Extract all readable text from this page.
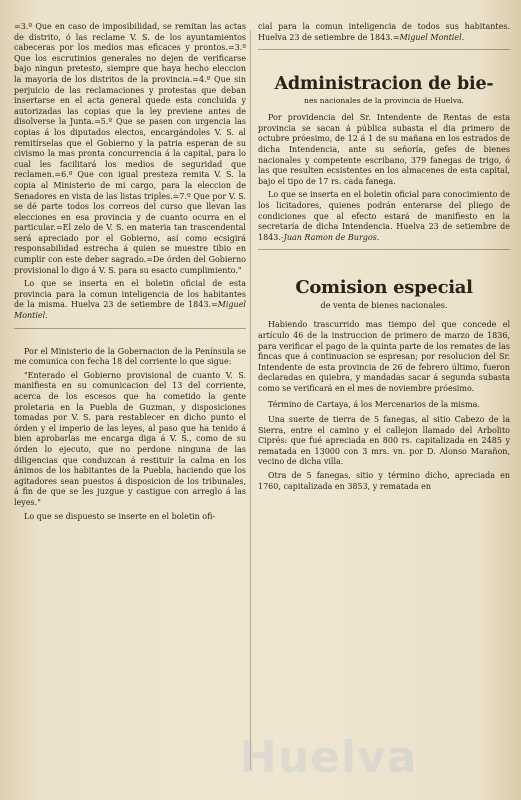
=3.º Que en caso de imposibilidad, se remitan las actas de distrito, ó las reclame V. S. de los ayuntamientos cabeceras por los medios mas eficaces y prontos.=3.º Que los escrutinios generales no dejen de verificarse bajo ningun pretesto, siempre que haya hecho eleccion la mayoría de los distritos de la provincia.=4.º Que sin perjuicio de las reclamaciones y protestas que deban insertarse en el acta general quede esta concluida y autorizadas las copias que la ley previene antes de disolverse la Junta.=5.º Que se pasen con urgencia las copias á los diputados electos, encargándoles V. S. al remitírselas que el Gobierno y la patria esperan de su civismo la mas pronta concurrencia á la capital, para lo cual les facilitará los medios de seguridad que reclamen.=6.º Que con igual presteza remita V. S. la copia al Ministerio de mi cargo, para la eleccion de Senadores en vista de las listas triples.=7.º Que por V. S. se dé parte todos los correos del curso que llevan las elecciones en esa provincia y de cuanto ocurra en el particular.=El zelo de V. S. en materia tan trascendental será apreciado por el Gobierno, así como ecsigirá responsabilidad estrecha á quien se muestre tibio en cumplir con este deber sagrado.=De órden del Gobierno provisional lo digo á V. S. para su esacto cumplimiento."

Lo que se inserta en el boletin oficial de esta provincia para la comun inteligencia de los habitantes de la misma. Huelva 23 de setiembre de 1843.=Miguel Montiel.

Por el Ministerio de la Gobernacion de la Península se me comunica con fecha 18 del corriente lo que sigue:

"Enterado el Gobierno provisional de cuanto V. S. manifiesta en su comunicacion del 13 del corriente, acerca de los escesos que ha cometido la gente proletaria en la Puebla de Guzman, y disposiciones tomadas por V. S. para restablecer en dicho punto el órden y el imperio de las leyes, al paso que ha tenido á bien aprobarlas me encarga diga á V. S., como de su órden lo ejecuto, que no perdone ninguna de las diligencias que conduzcan á restituir la calma en los ánimos de los habitantes de la Puebla, haciendo que los agitadores sean puestos á disposicion de los tribunales, á fin de que se les juzgue y castigue con arreglo á las leyes."

Lo que se dispuesto se inserte en el boletin ofi-

cial para la comun inteligencia de todos sus habitantes. Huelva 23 de setiembre de 1843.=Miguel Montiel.

Administracion de bie-
nes nacionales de la provincia de Huelva.

Por providencia del Sr. Intendente de Rentas de esta provincia se sacan á pública subasta el dia primero de octubre próesimo, de 12 á 1 de su mañana en los estrados de dicha Intendencia, ante su señoría, gefes de bienes nacionales y competente escribano, 379 fanegas de trigo, ó las que resulten ecsistentes en los almacenes de esta capital, bajo el tipo de 17 rs. cada fanega.

Lo que se inserta en el boletin oficial para conocimiento de los licitadores, quienes podrán enterarse del pliego de condiciones que al efecto estará de manifiesto en la secretaría de dicha Intendencia. Huelva 23 de setiembre de 1843.-Juan Ramon de Burgos.

Comision especial
de venta de bienes nacionales.

Habiendo trascurrido mas tiempo del que concede el artículo 46 de la instruccion de primero de marzo de 1836, para verificar el pago de la quinta parte de los remates de las fincas que á continuacion se espresan; por resolucion del Sr. Intendente de esta provincia de 26 de febrero último, fueron declaradas en quiebra, y mandadas sacar á segunda subasta como se verificará en el mes de noviembre próesimo.

Término de Cartaya, á los Mercenarios de la misma.

Una suerte de tierra de 5 fanegas, al sitio Cabezo de la Sierra, entre el camino y el callejon llamado del Arbolito Ciprés: que fué apreciada en 800 rs. capitalizada en 2485 y rematada en 13000 con 3 mrs. vn. por D. Alonso Marañon, vecino de dicha villa.

Otra de 5 fanegas, sitio y término dicho, apreciada en 1760, capitalizada en 3853, y rematada en

Huelva
